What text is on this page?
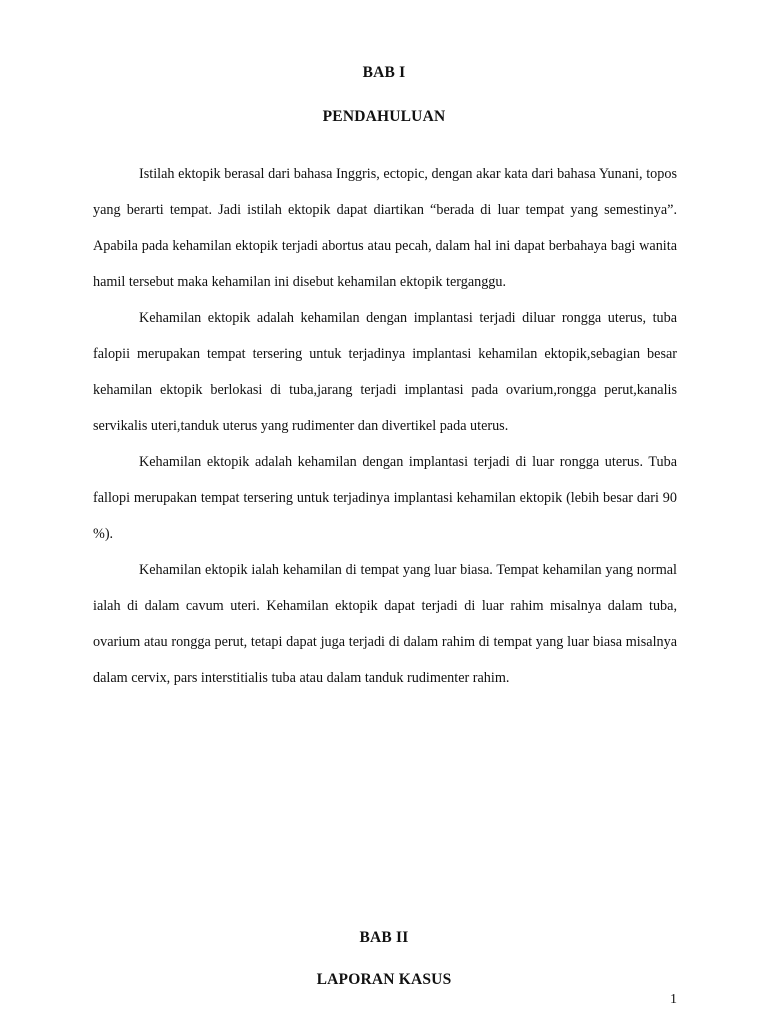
BAB I
PENDAHULUAN

Istilah ektopik berasal dari bahasa Inggris, ectopic, dengan akar kata dari bahasa Yunani, topos yang berarti tempat. Jadi istilah ektopik dapat diartikan “berada di luar tempat yang semestinya”. Apabila pada kehamilan ektopik terjadi abortus atau pecah, dalam hal ini dapat berbahaya bagi wanita hamil tersebut maka kehamilan ini disebut kehamilan ektopik terganggu.

Kehamilan ektopik adalah kehamilan dengan implantasi terjadi diluar rongga uterus, tuba falopii merupakan tempat tersering untuk terjadinya implantasi kehamilan ektopik,sebagian besar kehamilan ektopik berlokasi di tuba,jarang terjadi implantasi pada ovarium,rongga perut,kanalis servikalis uteri,tanduk uterus yang rudimenter dan divertikel pada uterus.

Kehamilan ektopik adalah kehamilan dengan implantasi terjadi di luar rongga uterus. Tuba fallopi merupakan tempat tersering untuk terjadinya implantasi kehamilan ektopik (lebih besar dari 90 %).

Kehamilan ektopik ialah kehamilan di tempat yang luar biasa. Tempat kehamilan yang normal ialah di dalam cavum uteri. Kehamilan ektopik dapat terjadi di luar rahim misalnya dalam tuba, ovarium atau rongga perut, tetapi dapat juga terjadi di dalam rahim di tempat yang luar biasa misalnya dalam cervix, pars interstitialis tuba atau dalam tanduk rudimenter rahim.

BAB II
LAPORAN KASUS
1
